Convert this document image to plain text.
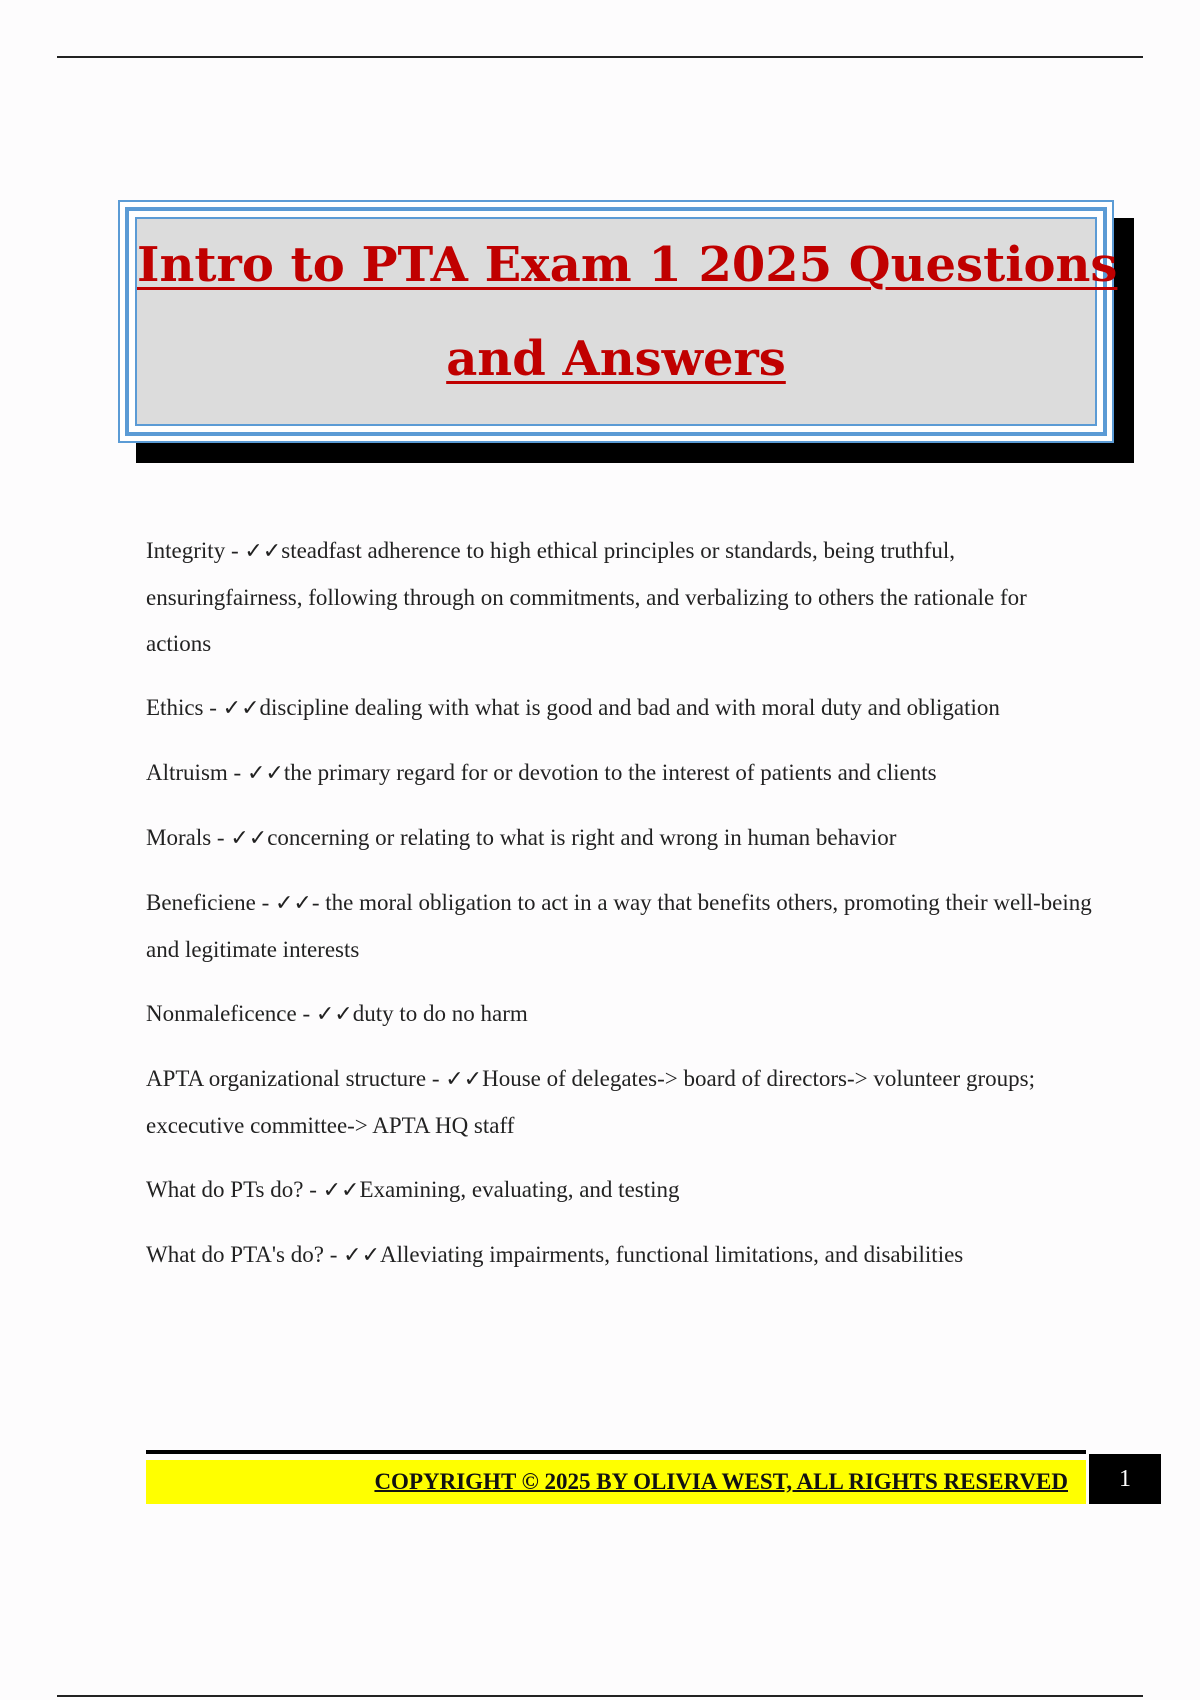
Intro to PTA Exam 1 2025 Questions
and Answers

Integrity - ✓✓steadfast adherence to high ethical principles or standards, being truthful, ensuringfairness, following through on commitments, and verbalizing to others the rationale for actions

Ethics - ✓✓discipline dealing with what is good and bad and with moral duty and obligation

Altruism - ✓✓the primary regard for or devotion to the interest of patients and clients

Morals - ✓✓concerning or relating to what is right and wrong in human behavior

Beneficiene - ✓✓- the moral obligation to act in a way that benefits others, promoting their well-being and legitimate interests

Nonmaleficence - ✓✓duty to do no harm

APTA organizational structure - ✓✓House of delegates-> board of directors-> volunteer groups; excecutive committee-> APTA HQ staff

What do PTs do? - ✓✓Examining, evaluating, and testing

What do PTA's do? - ✓✓Alleviating impairments, functional limitations, and disabilities

COPYRIGHT © 2025 BY OLIVIA WEST, ALL RIGHTS RESERVED	1
